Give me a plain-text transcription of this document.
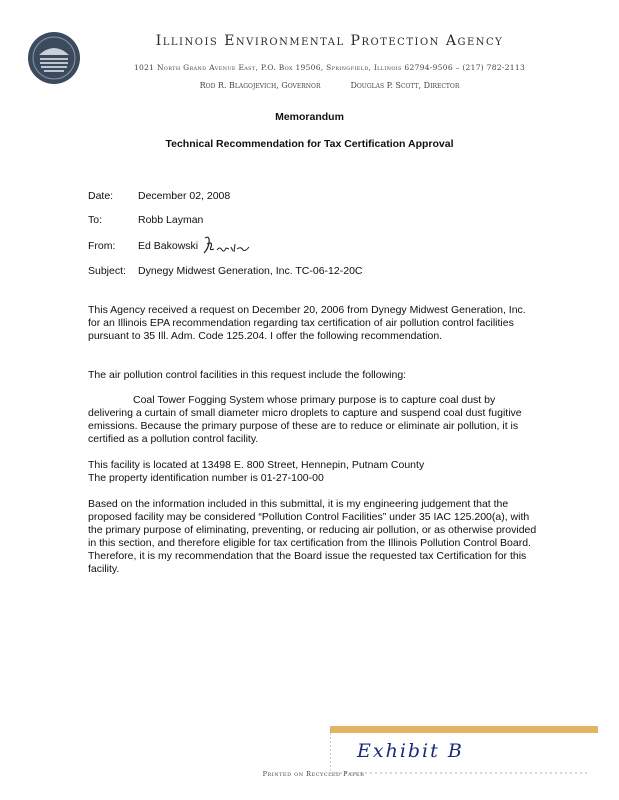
Illinois Environmental Protection Agency
1021 North Grand Avenue East, P.O. Box 19506, Springfield, Illinois 62794-9506 – (217) 782-2113
Rod R. Blagojevich, Governor	Douglas P. Scott, Director
Memorandum
Technical Recommendation for Tax Certification Approval
Date: December 02, 2008
To:	Robb Layman
From: Ed Bakowski
Subject: Dynegy Midwest Generation, Inc. TC-06-12-20C

This Agency received a request on December 20, 2006 from Dynegy Midwest Generation, Inc. for an Illinois EPA recommendation regarding tax certification of air pollution control facilities pursuant to 35 Ill. Adm. Code 125.204. I offer the following recommendation.

The air pollution control facilities in this request include the following:

Coal Tower Fogging System whose primary purpose is to capture coal dust by delivering a curtain of small diameter micro droplets to capture and suspend coal dust fugitive emissions. Because the primary purpose of these are to reduce or eliminate air pollution, it is certified as a pollution control facility.

This facility is located at 13498 E. 800 Street, Hennepin, Putnam County

The property identification number is 01-27-100-00

Based on the information included in this submittal, it is my engineering judgement that the proposed facility may be considered “Pollution Control Facilities” under 35 IAC 125.200(a), with the primary purpose of eliminating, preventing, or reducing air pollution, or as otherwise provided in this section, and therefore eligible for tax certification from the Illinois Pollution Control Board. Therefore, it is my recommendation that the Board issue the requested tax Certification for this facility.

Exhibit B
Printed on Recycled Paper
